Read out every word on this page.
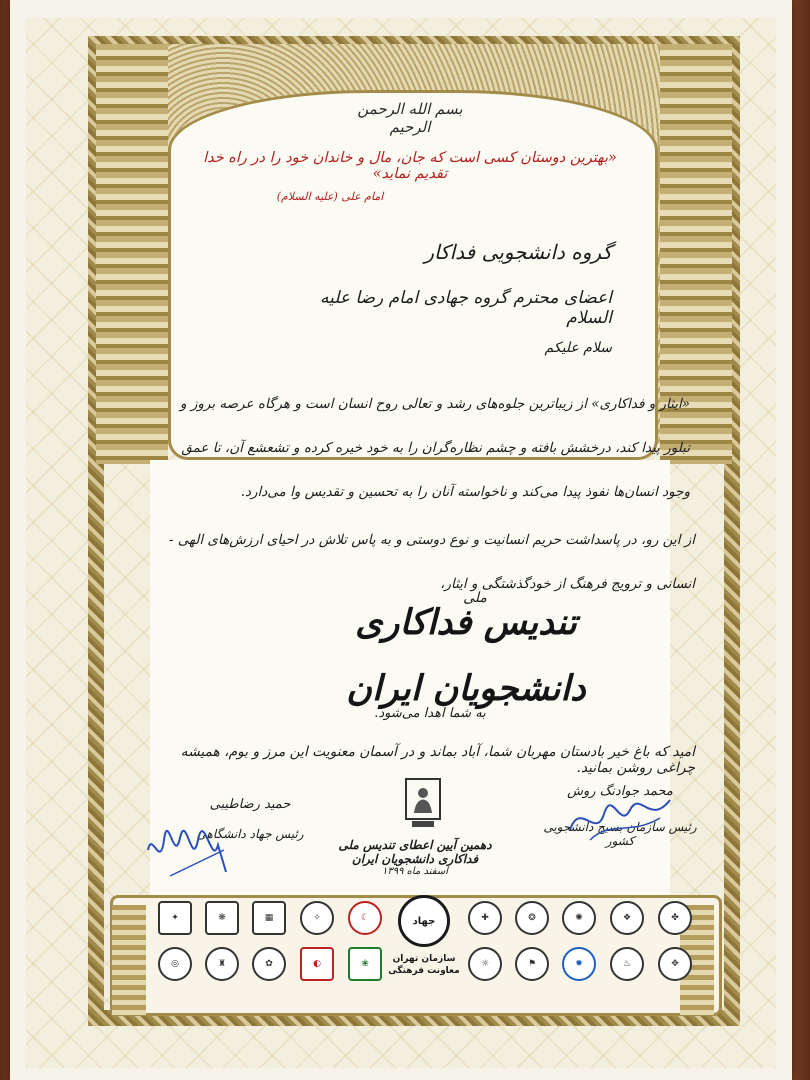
بسم الله الرحمن الرحیم
«بهترین دوستان کسی است که جان، مال و خاندان خود را در راه خدا تقدیم نماید»
امام علی (علیه السلام)
گروه دانشجویی فداکار
اعضای محترم گروه جهادی امام رضا علیه السلام
سلام علیکم
«ایثار و فداکاری» از زیباترین جلوه‌های رشد و تعالی روح انسان است و هرگاه عرصه بروز و تبلور پیدا کند، درخشش بافته و چشم نظاره‌گران را به خود خیره کرده و تشعشع آن، تا عمق وجود انسان‌ها نفوذ پیدا می‌کند و ناخواسته آنان را به تحسین و تقدیس وا می‌دارد.
از این رو، در پاسداشت حریم انسانیت و نوع دوستی و به پاس تلاش در احیای ارزش‌های الهی - انسانی و ترویج فرهنگ از خودگذشتگی و ایثار،
ملی
تندیس فداکاری دانشجویان ایران
به شما اهدا می‌شود.
امید که باغ خیر بادستان مهربان شما، آباد بماند و در آسمان معنویت این مرز و بوم، همیشه چراغی روشن بمانید.
محمد جوادنگ روش
رئیس سازمان بسیج دانشجویی کشور
حمید رضاطیبی
رئیس جهاد دانشگاهی
دهمین آیین اعطای تندیس ملی فداکاری دانشجویان ایران
اسفند ماه ۱۳۹۹
✦	❋	▦	✧	☾	جهاد
سازمان تهران معاونت فرهنگی
✚	❂	✺	❖	✤
◎	♜	✿	◐	❀	☼	⚑	✹	♨	✥
